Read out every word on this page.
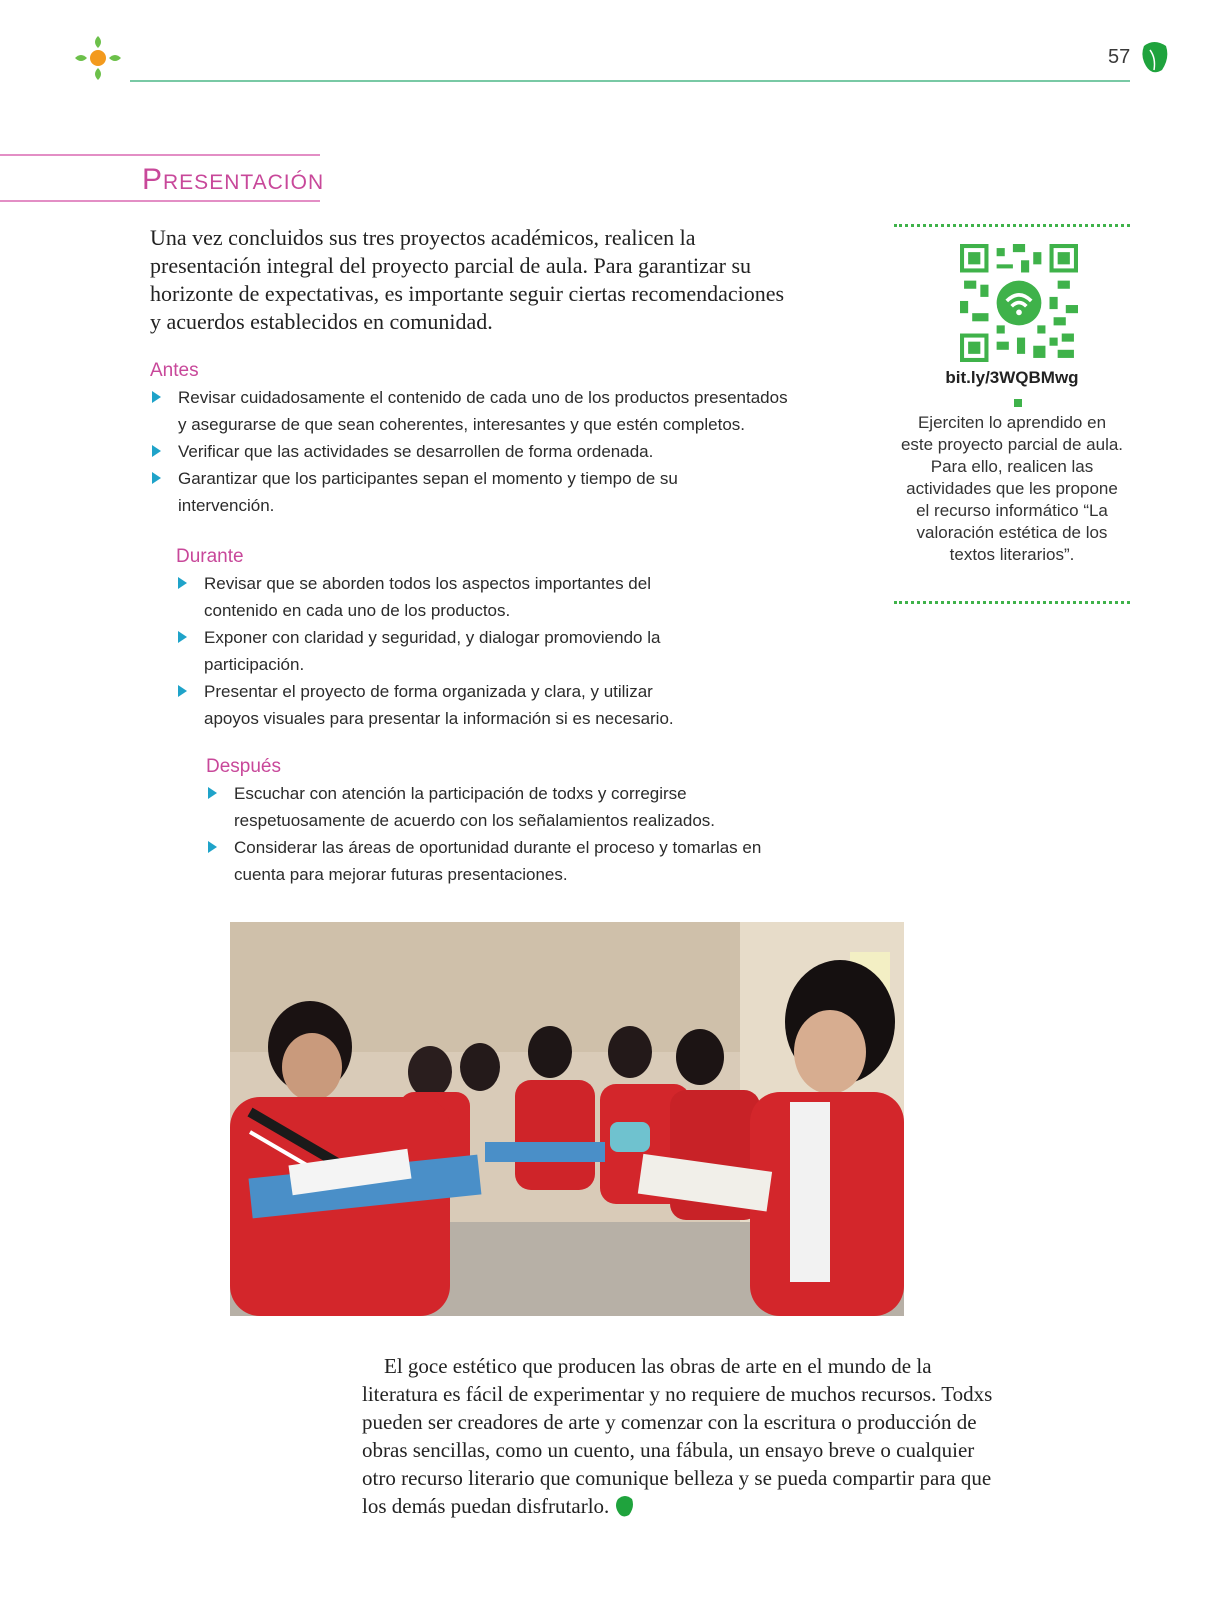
57
Presentación
Una vez concluidos sus tres proyectos académicos, realicen la presentación integral del proyecto parcial de aula. Para garantizar su horizonte de expectativas, es importante seguir ciertas recomendaciones y acuerdos establecidos en comunidad.
Antes
Revisar cuidadosamente el contenido de cada uno de los productos presentados y asegurarse de que sean coherentes, interesantes y que estén completos.
Verificar que las actividades se desarrollen de forma ordenada.
Garantizar que los participantes sepan el momento y tiempo de su intervención.
Durante
Revisar que se aborden todos los aspectos importantes del contenido en cada uno de los productos.
Exponer con claridad y seguridad, y dialogar promoviendo la participación.
Presentar el proyecto de forma organizada y clara, y utilizar apoyos visuales para presentar la información si es necesario.
Después
Escuchar con atención la participación de todxs y corregirse respetuosamente de acuerdo con los señalamientos realizados.
Considerar las áreas de oportunidad durante el proceso y tomarlas en cuenta para mejorar futuras presentaciones.
bit.ly/3WQBMwg
Ejerciten lo aprendido en este proyecto parcial de aula. Para ello, realicen las actividades que les propone el recurso informático “La valoración estética de los textos literarios”.

El goce estético que producen las obras de arte en el mundo de la literatura es fácil de experimentar y no requiere de muchos recursos. Todxs pueden ser creadores de arte y comenzar con la escritura o producción de obras sencillas, como un cuento, una fábula, un ensayo breve o cualquier otro recurso literario que comunique belleza y se pueda compartir para que los demás puedan disfrutarlo.
